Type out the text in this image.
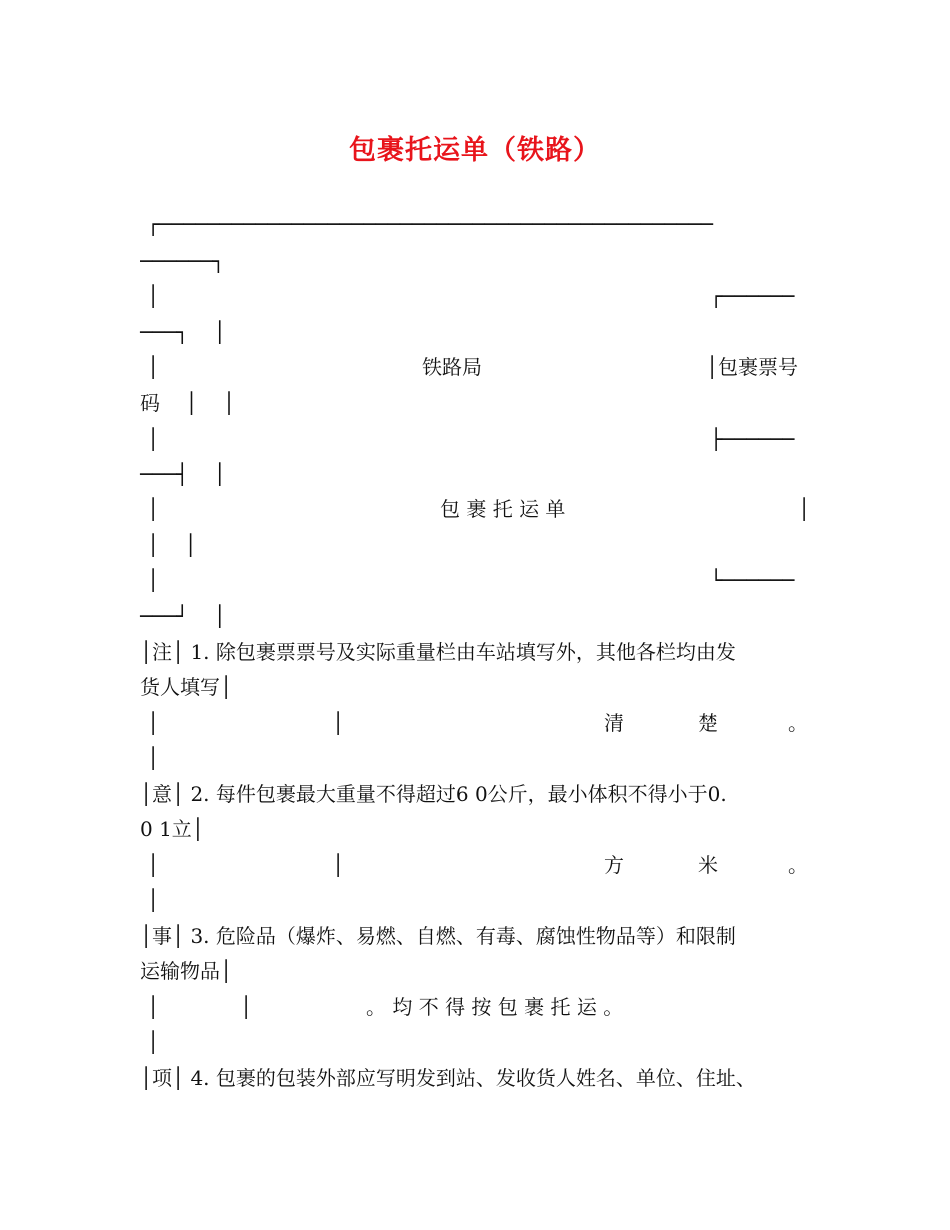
包裹托运单（铁路）
┌──────────────────────────────────────────────
──────┐
│	┌──────
───┐    │
│	铁路局	│包裹票号
码    │    │
│	├──────
───┤    │
│	包 裹 托 运 单	│
│    │
│	└──────
───┘    │
│注│ 1. 除包裹票票号及实际重量栏由车站填写外，其他各栏均由发
货人填写│
│	│	清	楚	。
│
│意│ 2. 每件包裹最大重量不得超过6 0公斤，最小体积不得小于0.
0 1立│
│	│	方	米	。
│
│事│ 3. 危险品（爆炸、易燃、自燃、有毒、腐蚀性物品等）和限制
运输物品│
│	│	。 均 不 得 按 包 裹 托 运 。
│
│项│ 4. 包裹的包装外部应写明发到站、发收货人姓名、单位、住址、
